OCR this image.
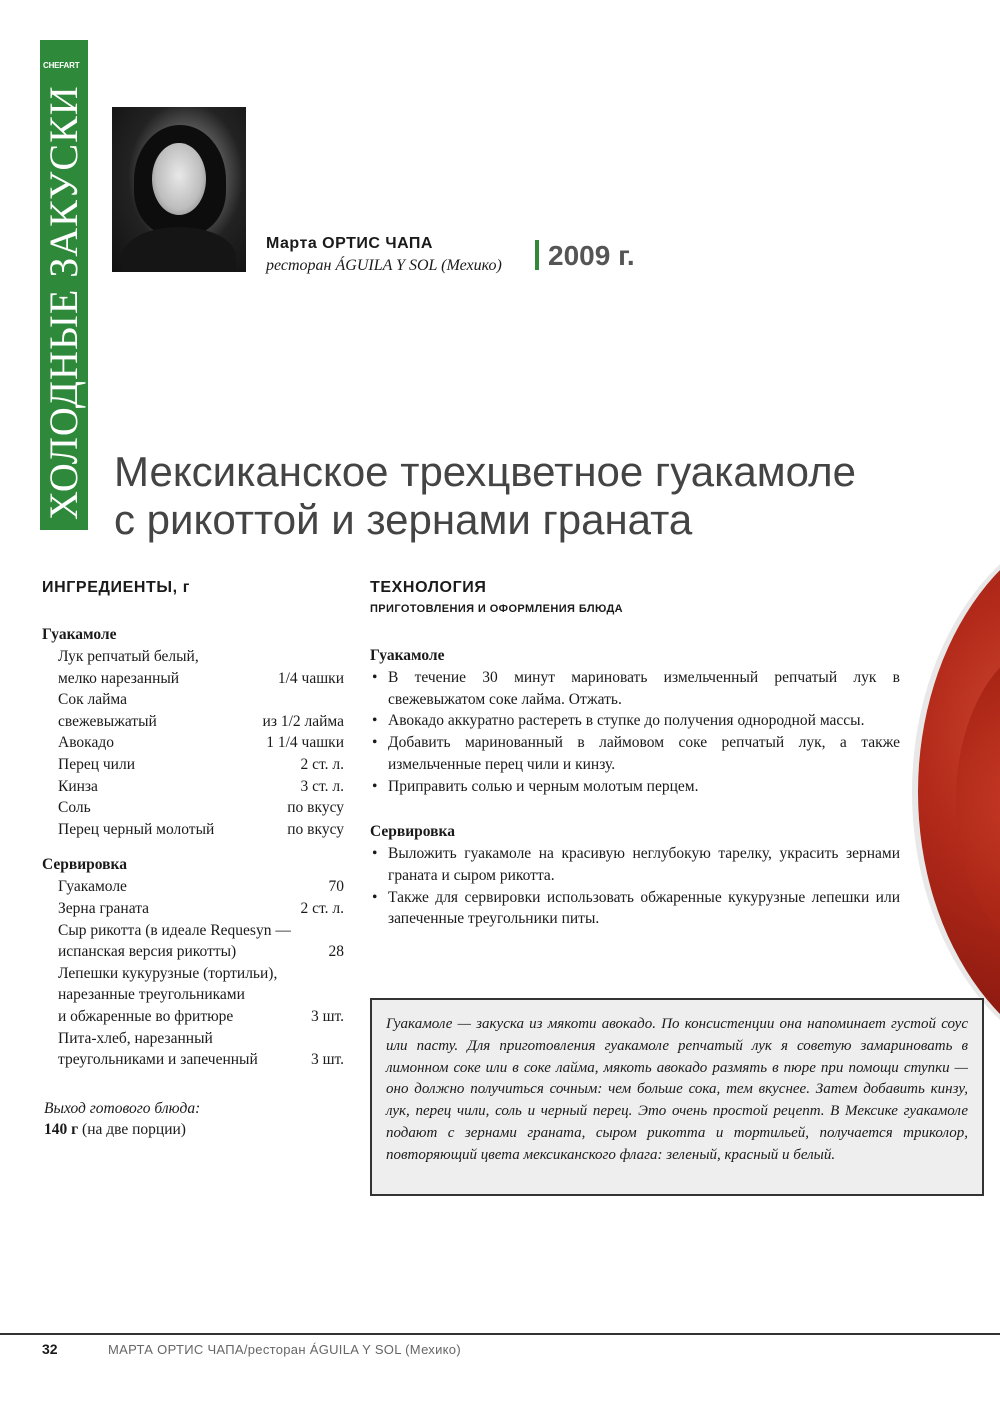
CHEFART
ХОЛОДНЫЕ ЗАКУСКИ	Марта ОРТИС ЧАПА
ресторан ÁGUILA Y SOL (Мехико) 2009 г.
Мексиканское трехцветное гуакамоле
с рикоттой и зернами граната
ИНГРЕДИЕНТЫ, г
Гуакамоле
Лук репчатый белый,
мелко нарезанный	1/4 чашки
Сок лайма
свежевыжатый	из 1/2 лайма
Авокадо	1 1/4 чашки
Перец чили	2 ст. л.
Кинза	3 ст. л.
Соль	по вкусу
Перец черный молотый	по вкусу
Сервировка
Гуакамоле	70
Зерна граната	2 ст. л.
Сыр рикотта (в идеале Requesyn —
испанская версия рикотты)	28
Лепешки кукурузные (тортильи),
нарезанные треугольниками
и обжаренные во фритюре	3 шт.
Пита-хлеб, нарезанный
треугольниками и запеченный	3 шт.
Выход готового блюда:
140 г (на две порции)
ТЕХНОЛОГИЯ
ПРИГОТОВЛЕНИЯ И ОФОРМЛЕНИЯ БЛЮДА
Гуакамоле
• В течение 30 минут мариновать измельченный репчатый лук в свежевыжатом соке лайма. Отжать.
• Авокадо аккуратно растереть в ступке до получения однородной массы.
• Добавить маринованный в лаймовом соке репчатый лук, а также измельченные перец чили и кинзу.
• Приправить солью и черным молотым перцем.
Сервировка
• Выложить гуакамоле на красивую неглубокую тарелку, украсить зернами граната и сыром рикотта.
• Также для сервировки использовать обжаренные кукурузные лепешки или запеченные треугольники питы.
Гуакамоле — закуска из мякоти авокадо. По консистенции она напоминает густой соус или пасту. Для приготовления гуакамоле репчатый лук я советую замариновать в лимонном соке или в соке лайма, мякоть авокадо размять в пюре при помощи ступки — оно должно получиться сочным: чем больше сока, тем вкуснее. Затем добавить кинзу, лук, перец чили, соль и черный перец. Это очень простой рецепт. В Мексике гуакамоле подают с зернами граната, сыром рикотта и тортильей, получается триколор, повторяющий цвета мексиканского флага: зеленый, красный и белый.
32	МАРТА ОРТИС ЧАПА/ресторан ÁGUILA Y SOL (Мехико)
